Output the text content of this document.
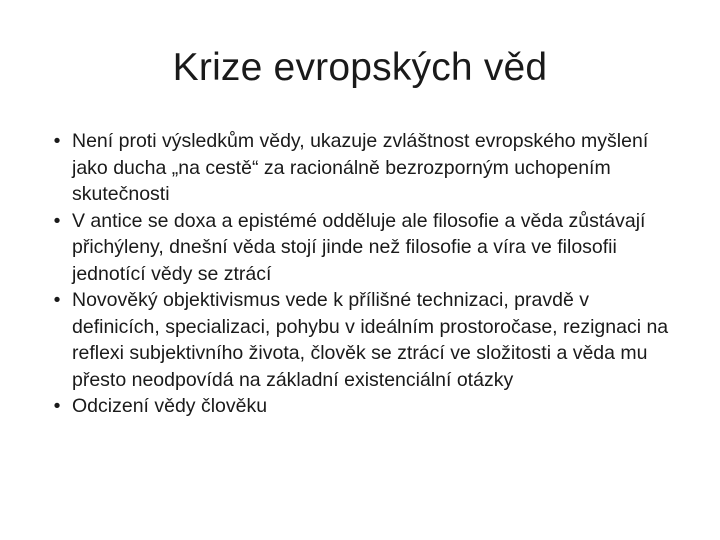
Krize evropských věd
• Není proti výsledkům vědy, ukazuje zvláštnost evropského myšlení jako ducha „na cestě“ za racionálně bezrozporným uchopením skutečnosti
• V antice se doxa a epistémé odděluje ale filosofie a věda zůstávají přichýleny, dnešní věda stojí jinde než filosofie a víra ve filosofii jednotící vědy se ztrácí
• Novověký objektivismus vede k přílišné technizaci, pravdě v definicích, specializaci, pohybu v ideálním prostoročase, rezignaci na reflexi subjektivního života, člověk se ztrácí ve složitosti a věda mu přesto neodpovídá na základní existenciální otázky
• Odcizení vědy člověku
